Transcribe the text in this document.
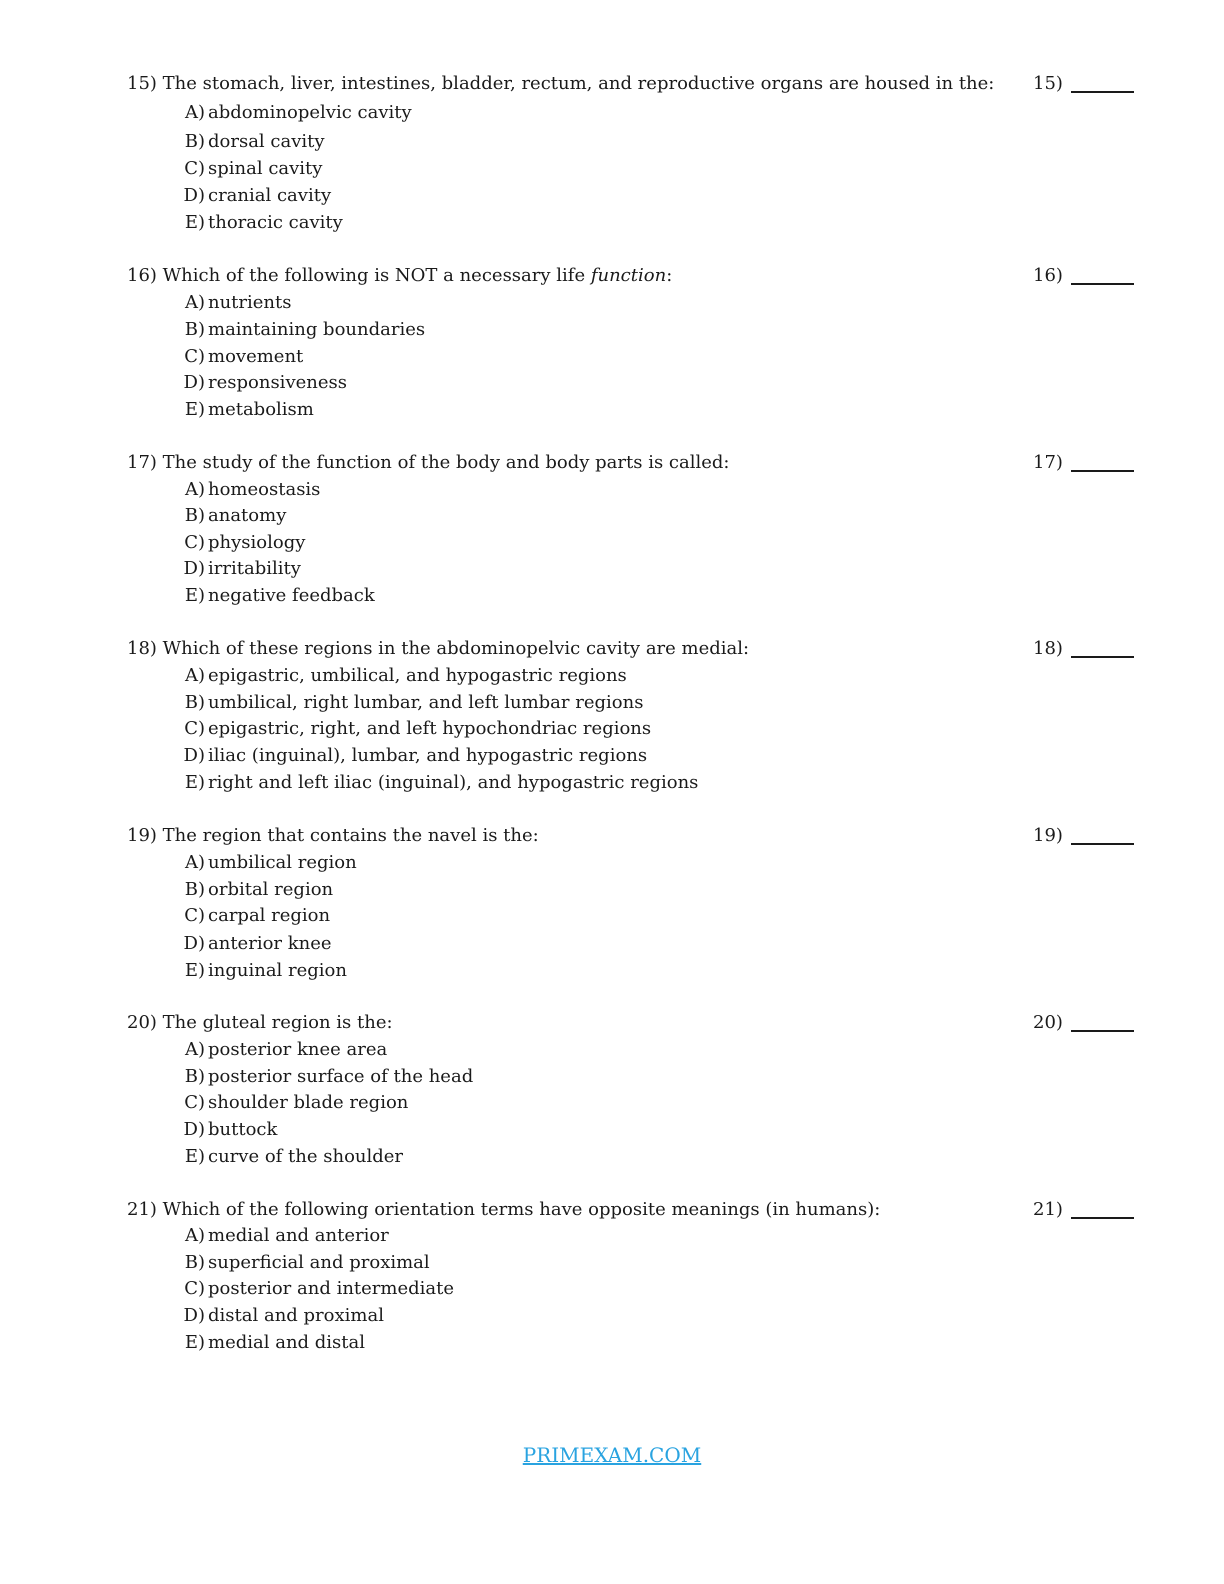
15) The stomach, liver, intestines, bladder, rectum, and reproductive organs are housed in the: 15)
A) abdominopelvic cavity
B) dorsal cavity
C) spinal cavity
D) cranial cavity
E) thoracic cavity
16) Which of the following is NOT a necessary life function:	16)
A) nutrients
B) maintaining boundaries
C) movement
D) responsiveness
E) metabolism
17) The study of the function of the body and body parts is called:	17)
A) homeostasis
B) anatomy
C) physiology
D) irritability
E) negative feedback
18) Which of these regions in the abdominopelvic cavity are medial:	18)
A) epigastric, umbilical, and hypogastric regions
B) umbilical, right lumbar, and left lumbar regions
C) epigastric, right, and left hypochondriac regions
D) iliac (inguinal), lumbar, and hypogastric regions
E) right and left iliac (inguinal), and hypogastric regions
19) The region that contains the navel is the:	19)
A) umbilical region
B) orbital region
C) carpal region
D) anterior knee
E) inguinal region
20) The gluteal region is the:	20)
A) posterior knee area
B) posterior surface of the head
C) shoulder blade region
D) buttock
E) curve of the shoulder
21) Which of the following orientation terms have opposite meanings (in humans):	21)
A) medial and anterior
B) superficial and proximal
C) posterior and intermediate
D) distal and proximal
E) medial and distal
PRIMEXAM.COM
